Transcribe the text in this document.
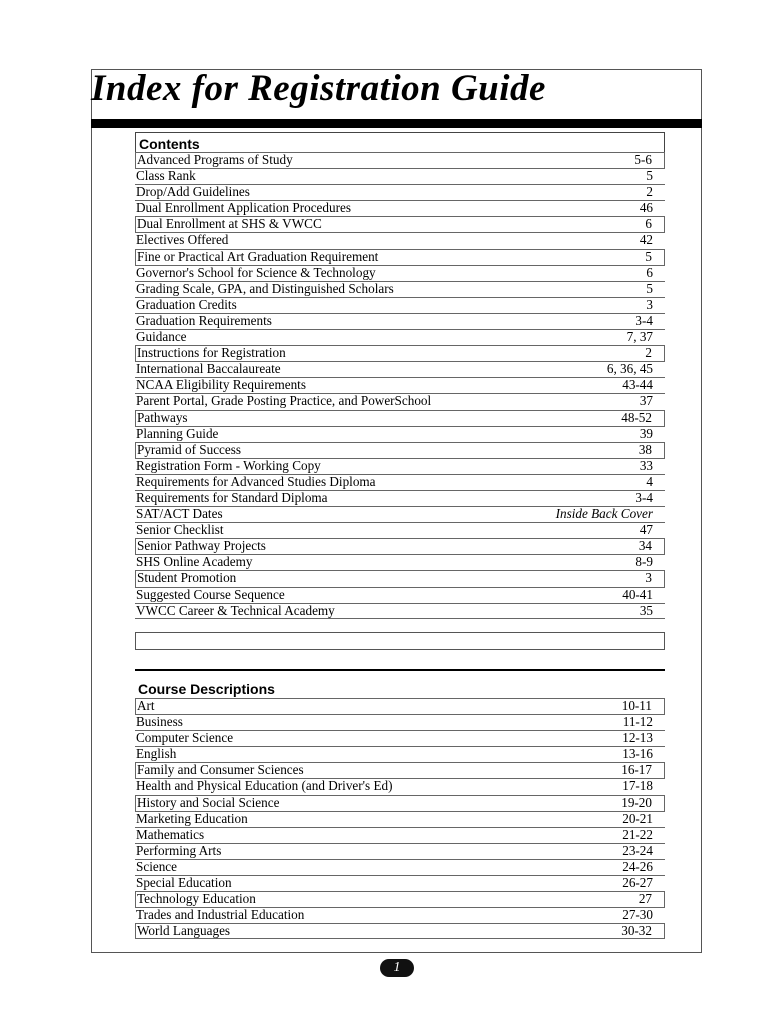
Index for Registration Guide
Contents
Advanced Programs of Study	5-6
Class Rank	5
Drop/Add Guidelines	2
Dual Enrollment Application Procedures	46
Dual Enrollment at SHS & VWCC	6
Electives Offered	42
Fine or Practical Art Graduation Requirement	5
Governor's School for Science & Technology	6
Grading Scale, GPA, and Distinguished Scholars	5
Graduation Credits	3
Graduation Requirements	3-4
Guidance	7, 37
Instructions for Registration	2
International Baccalaureate	6, 36, 45
NCAA Eligibility Requirements	43-44
Parent Portal, Grade Posting Practice, and PowerSchool	37
Pathways	48-52
Planning Guide	39
Pyramid of Success	38
Registration Form - Working Copy	33
Requirements for Advanced Studies Diploma	4
Requirements for Standard Diploma	3-4
SAT/ACT Dates	Inside Back Cover
Senior Checklist	47
Senior Pathway Projects	34
SHS Online Academy	8-9
Student Promotion	3
Suggested Course Sequence	40-41
VWCC Career & Technical Academy	35
Course Descriptions
Art	10-11
Business	11-12
Computer Science	12-13
English	13-16
Family and Consumer Sciences	16-17
Health and Physical Education (and Driver's Ed)	17-18
History and Social Science	19-20
Marketing Education	20-21
Mathematics	21-22
Performing Arts	23-24
Science	24-26
Special Education	26-27
Technology Education	27
Trades and Industrial Education	27-30
World Languages	30-32
1
